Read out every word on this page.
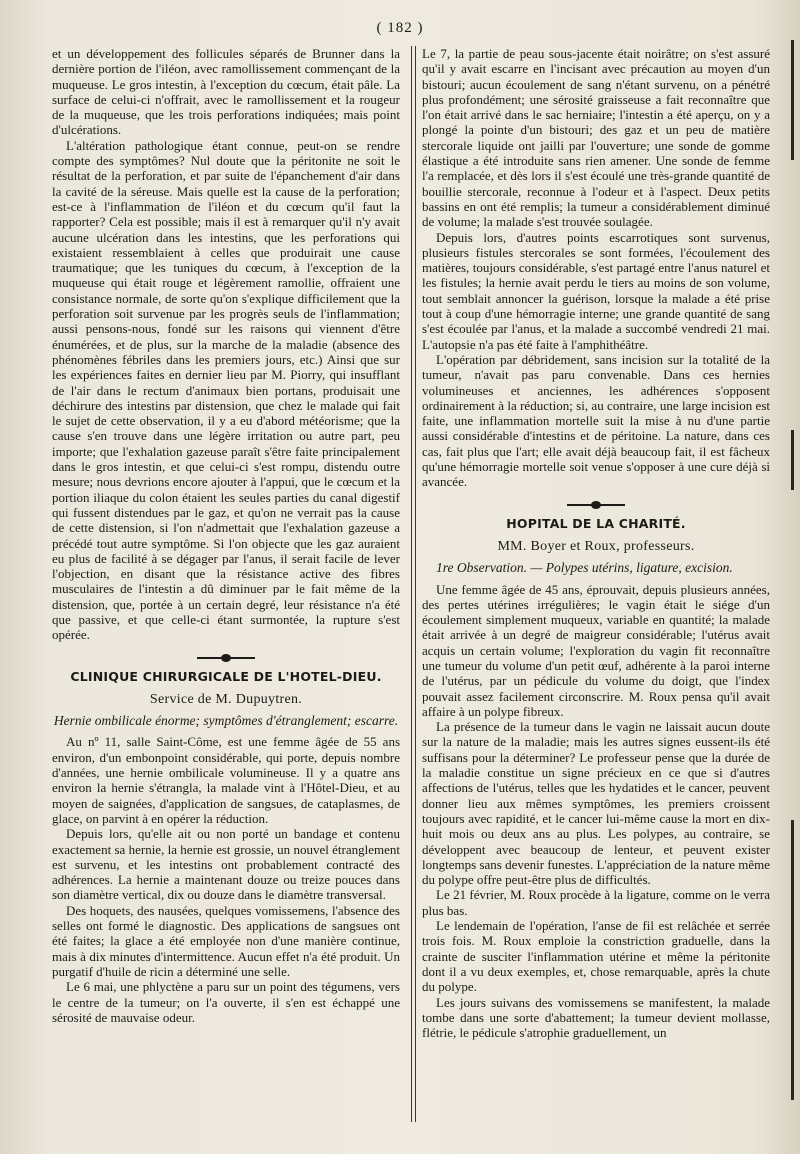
( 182 )

et un développement des follicules séparés de Brunner dans la dernière portion de l'iléon, avec ramollissement commençant de la muqueuse. Le gros intestin, à l'exception du cœcum, était pâle. La surface de celui-ci n'offrait, avec le ramollissement et la rougeur de la muqueuse, que les trois perforations indiquées; mais point d'ulcérations.

L'altération pathologique étant connue, peut-on se rendre compte des symptômes? Nul doute que la péritonite ne soit le résultat de la perforation, et par suite de l'épanchement d'air dans la cavité de la séreuse. Mais quelle est la cause de la perforation; est-ce à l'inflammation de l'iléon et du cœcum qu'il faut la rapporter? Cela est possible; mais il est à remarquer qu'il n'y avait aucune ulcération dans les intestins, que les perforations qui existaient ressemblaient à celles que produirait une cause traumatique; que les tuniques du cœcum, à l'exception de la muqueuse qui était rouge et légèrement ramollie, offraient une consistance normale, de sorte qu'on s'explique difficilement que la perforation soit survenue par les progrès seuls de l'inflammation; aussi pensons-nous, fondé sur les raisons qui viennent d'être énumérées, et de plus, sur la marche de la maladie (absence des phénomènes fébriles dans les premiers jours, etc.) Ainsi que sur les expériences faites en dernier lieu par M. Piorry, qui insufflant de l'air dans le rectum d'animaux bien portans, produisait une déchirure des intestins par distension, que chez le malade qui fait le sujet de cette observation, il y a eu d'abord météorisme; que la cause s'en trouve dans une légère irritation ou autre part, peu importe; que l'exhalation gazeuse paraît s'être faite principalement dans le gros intestin, et que celui-ci s'est rompu, distendu outre mesure; nous devrions encore ajouter à l'appui, que le cœcum et la portion iliaque du colon étaient les seules parties du canal digestif qui fussent distendues par le gaz, et qu'on ne verrait pas la cause de cette distension, si l'on n'admettait que l'exhalation gazeuse a précédé tout autre symptôme. Si l'on objecte que les gaz auraient eu plus de facilité à se dégager par l'anus, il serait facile de lever l'objection, en disant que la résistance active des fibres musculaires de l'intestin a dû diminuer par le fait même de la distension, que, portée à un certain degré, leur résistance n'a été que passive, et que celle-ci étant surmontée, la rupture s'est opérée.

CLINIQUE CHIRURGICALE DE L'HOTEL-DIEU.
Service de M. Dupuytren.
Hernie ombilicale énorme; symptômes d'étranglement; escarre.

Au nº 11, salle Saint-Côme, est une femme âgée de 55 ans environ, d'un embonpoint considérable, qui porte, depuis nombre d'années, une hernie ombilicale volumineuse. Il y a quatre ans environ la hernie s'étrangla, la malade vint à l'Hôtel-Dieu, et au moyen de saignées, d'application de sangsues, de cataplasmes, de glace, on parvint à en opérer la réduction.

Depuis lors, qu'elle ait ou non porté un bandage et contenu exactement sa hernie, la hernie est grossie, un nouvel étranglement est survenu, et les intestins ont probablement contracté des adhérences. La hernie a maintenant douze ou treize pouces dans son diamètre vertical, dix ou douze dans le diamètre transversal.

Des hoquets, des nausées, quelques vomissemens, l'absence des selles ont formé le diagnostic. Des applications de sangsues ont été faites; la glace a été employée non d'une manière continue, mais à dix minutes d'intermittence. Aucun effet n'a été produit. Un purgatif d'huile de ricin a déterminé une selle.

Le 6 mai, une phlyctène a paru sur un point des tégumens, vers le centre de la tumeur; on l'a ouverte, il s'en est échappé une sérosité de mauvaise odeur.

Le 7, la partie de peau sous-jacente était noirâtre; on s'est assuré qu'il y avait escarre en l'incisant avec précaution au moyen d'un bistouri; aucun écoulement de sang n'étant survenu, on a pénétré plus profondément; une sérosité graisseuse a fait reconnaître que l'on était arrivé dans le sac herniaire; l'intestin a été aperçu, on y a plongé la pointe d'un bistouri; des gaz et un peu de matière stercorale liquide ont jailli par l'ouverture; une sonde de gomme élastique a été introduite sans rien amener. Une sonde de femme l'a remplacée, et dès lors il s'est écoulé une très-grande quantité de bouillie stercorale, reconnue à l'odeur et à l'aspect. Deux petits bassins en ont été remplis; la tumeur a considérablement diminué de volume; la malade s'est trouvée soulagée.

Depuis lors, d'autres points escarrotiques sont survenus, plusieurs fistules stercorales se sont formées, l'écoulement des matières, toujours considérable, s'est partagé entre l'anus naturel et les fistules; la hernie avait perdu le tiers au moins de son volume, tout semblait annoncer la guérison, lorsque la malade a été prise tout à coup d'une hémorragie interne; une grande quantité de sang s'est écoulée par l'anus, et la malade a succombé vendredi 21 mai. L'autopsie n'a pas été faite à l'amphithéâtre.

L'opération par débridement, sans incision sur la totalité de la tumeur, n'avait pas paru convenable. Dans ces hernies volumineuses et anciennes, les adhérences s'opposent ordinairement à la réduction; si, au contraire, une large incision est faite, une inflammation mortelle suit la mise à nu d'une partie aussi considérable d'intestins et de péritoine. La nature, dans ces cas, fait plus que l'art; elle avait déjà beaucoup fait, il est fâcheux qu'une hémorragie mortelle soit venue s'opposer à une cure déjà si avancée.

HOPITAL DE LA CHARITÉ.
MM. Boyer et Roux, professeurs.
1re Observation. — Polypes utérins, ligature, excision.

Une femme âgée de 45 ans, éprouvait, depuis plusieurs années, des pertes utérines irrégulières; le vagin était le siége d'un écoulement simplement muqueux, variable en quantité; la malade était arrivée à un degré de maigreur considérable; l'utérus avait acquis un certain volume; l'exploration du vagin fit reconnaître une tumeur du volume d'un petit œuf, adhérente à la paroi interne de l'utérus, par un pédicule du volume du doigt, que l'index pouvait assez facilement circonscrire. M. Roux pensa qu'il avait affaire à un polype fibreux.

La présence de la tumeur dans le vagin ne laissait aucun doute sur la nature de la maladie; mais les autres signes eussent-ils été suffisans pour la déterminer? Le professeur pense que la durée de la maladie constitue un signe précieux en ce que si d'autres affections de l'utérus, telles que les hydatides et le cancer, peuvent donner lieu aux mêmes symptômes, les premiers croissent toujours avec rapidité, et le cancer lui-même cause la mort en dix-huit mois ou deux ans au plus. Les polypes, au contraire, se développent avec beaucoup de lenteur, et peuvent exister longtemps sans devenir funestes. L'appréciation de la nature même du polype offre peut-être plus de difficultés.

Le 21 février, M. Roux procède à la ligature, comme on le verra plus bas.

Le lendemain de l'opération, l'anse de fil est relâchée et serrée trois fois. M. Roux emploie la constriction graduelle, dans la crainte de susciter l'inflammation utérine et même la péritonite dont il a vu deux exemples, et, chose remarquable, après la chute du polype.

Les jours suivans des vomissemens se manifestent, la malade tombe dans une sorte d'abattement; la tumeur devient mollasse, flétrie, le pédicule s'atrophie graduellement, un
